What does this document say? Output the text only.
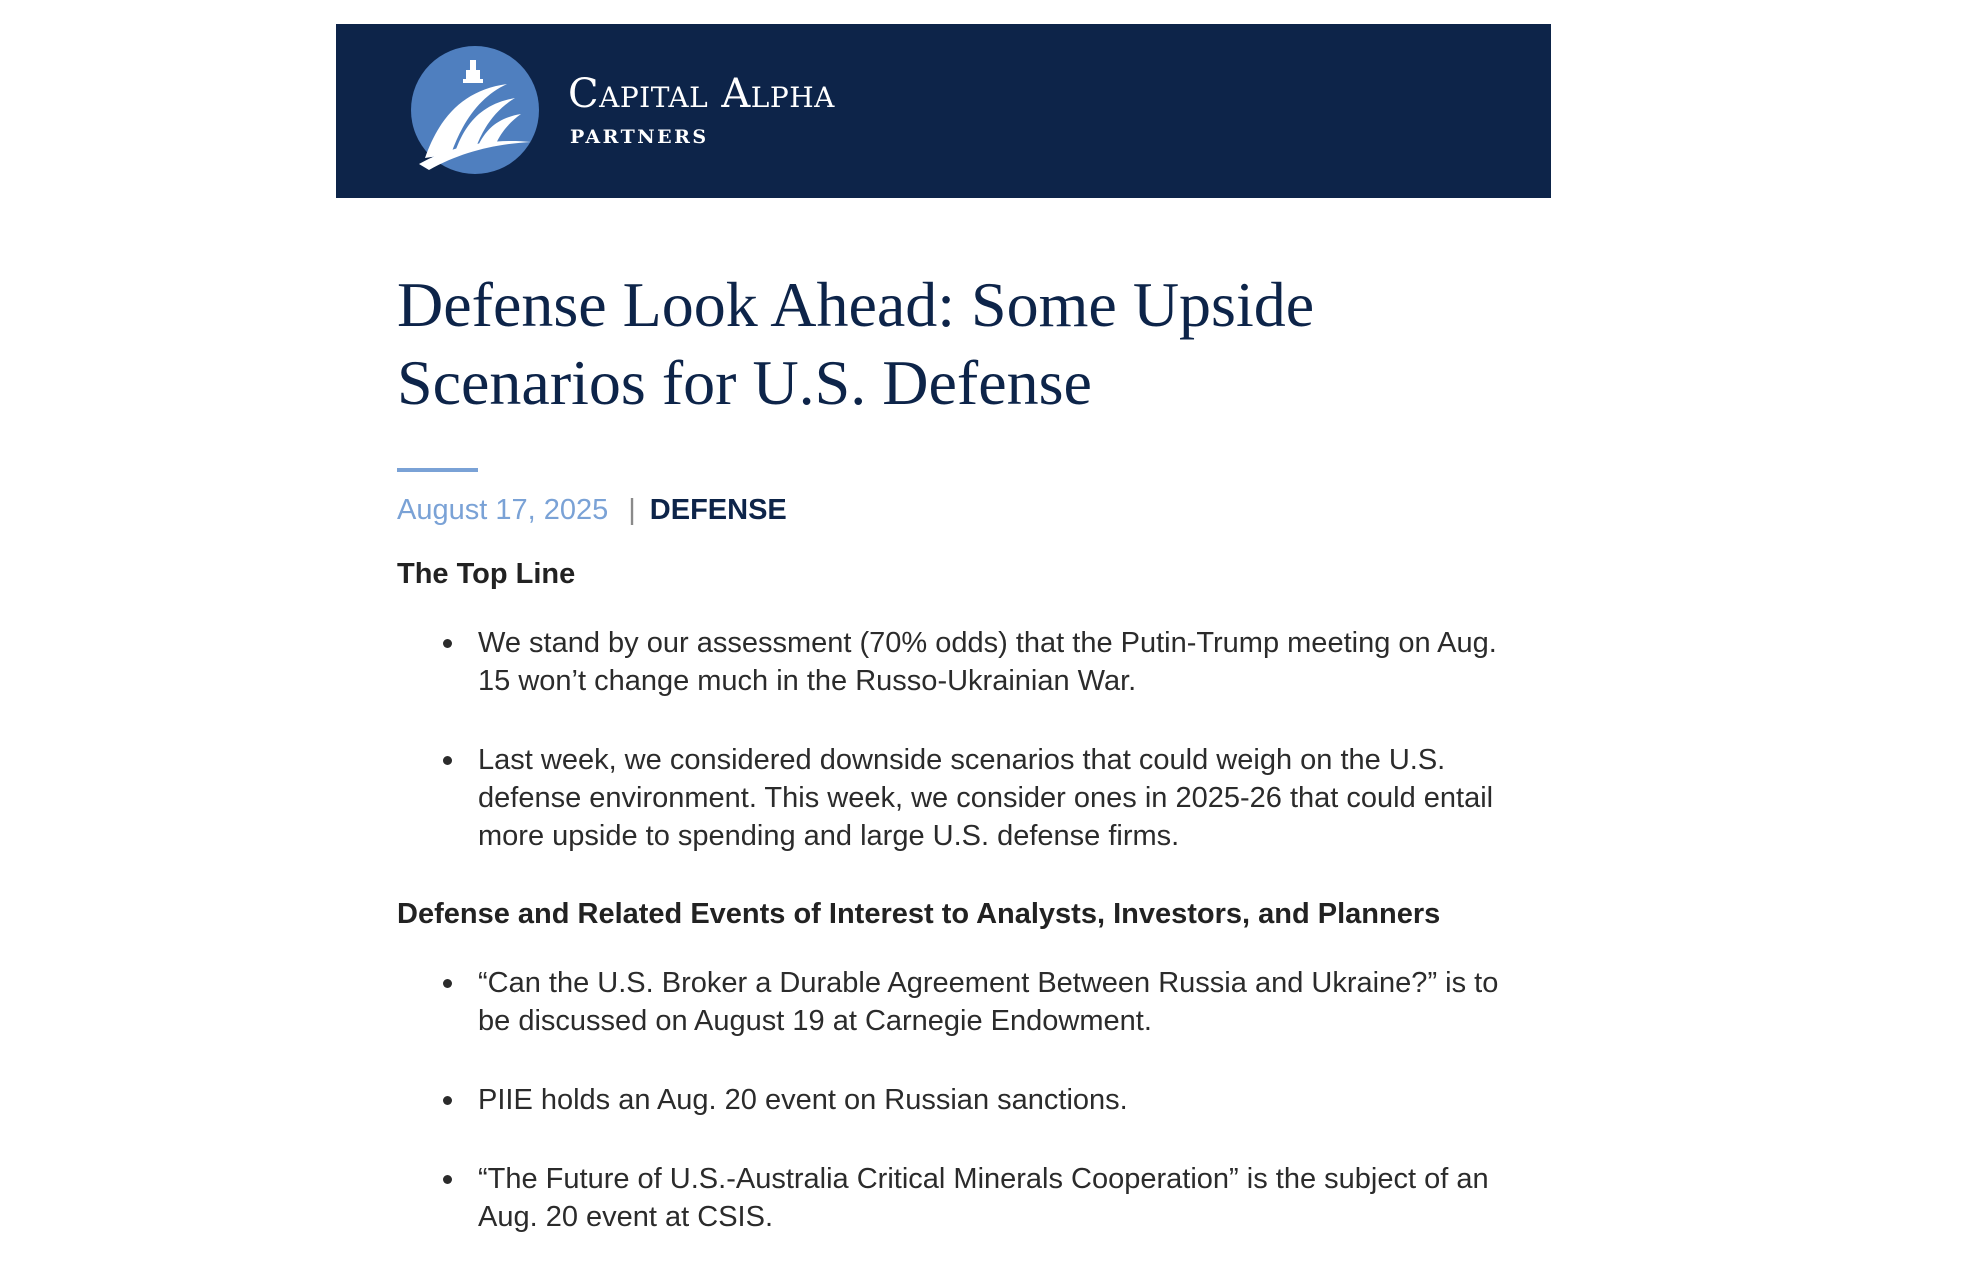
Capital Alpha
PARTNERS
Defense Look Ahead: Some Upside
Scenarios for U.S. Defense
August 17, 2025 | DEFENSE
The Top Line
We stand by our assessment (70% odds) that the Putin-Trump meeting on Aug. 15 won’t change much in the Russo-Ukrainian War.
Last week, we considered downside scenarios that could weigh on the U.S. defense environment. This week, we consider ones in 2025-26 that could entail more upside to spending and large U.S. defense firms.
Defense and Related Events of Interest to Analysts, Investors, and Planners
“Can the U.S. Broker a Durable Agreement Between Russia and Ukraine?” is to be discussed on August 19 at Carnegie Endowment.
PIIE holds an Aug. 20 event on Russian sanctions.
“The Future of U.S.-Australia Critical Minerals Cooperation” is the subject of an Aug. 20 event at CSIS.
